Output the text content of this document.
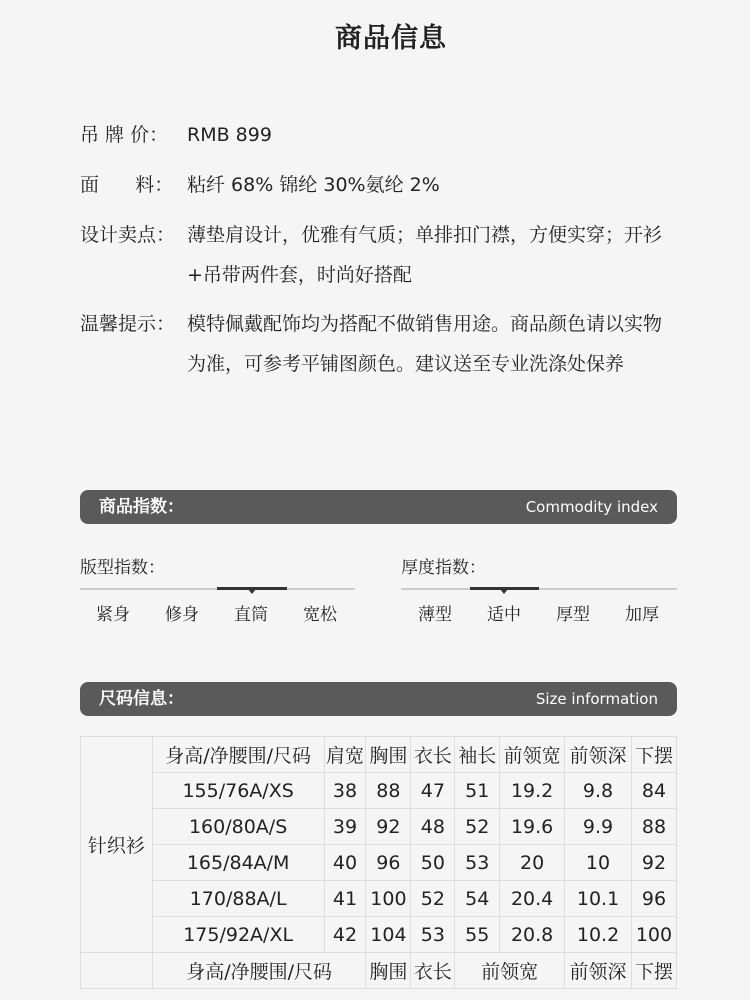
商品信息
吊 牌 价： RMB 899
面      料： 粘纤 68% 锦纶 30%氨纶 2%
设计卖点： 薄垫肩设计，优雅有气质；单排扣门襟，方便实穿；开衫+吊带两件套，时尚好搭配
温馨提示： 模特佩戴配饰均为搭配不做销售用途。商品颜色请以实物为准，可参考平铺图颜色。建议送至专业洗涤处保养
商品指数：	Commodity index
版型指数：
紧身	修身	直筒	宽松
厚度指数：
薄型	适中	厚型	加厚
尺码信息：	Size information
针织衫	身高/净腰围/尺码	肩宽	胸围	衣长	袖长	前领宽	前领深	下摆
	155/76A/XS	38	88	47	51	19.2	9.8	84
	160/80A/S	39	92	48	52	19.6	9.9	88
	165/84A/M	40	96	50	53	20	10	92
	170/88A/L	41	100	52	54	20.4	10.1	96
	175/92A/XL	42	104	53	55	20.8	10.2	100
	身高/净腰围/尺码		胸围	衣长	前领宽		前领深	下摆
